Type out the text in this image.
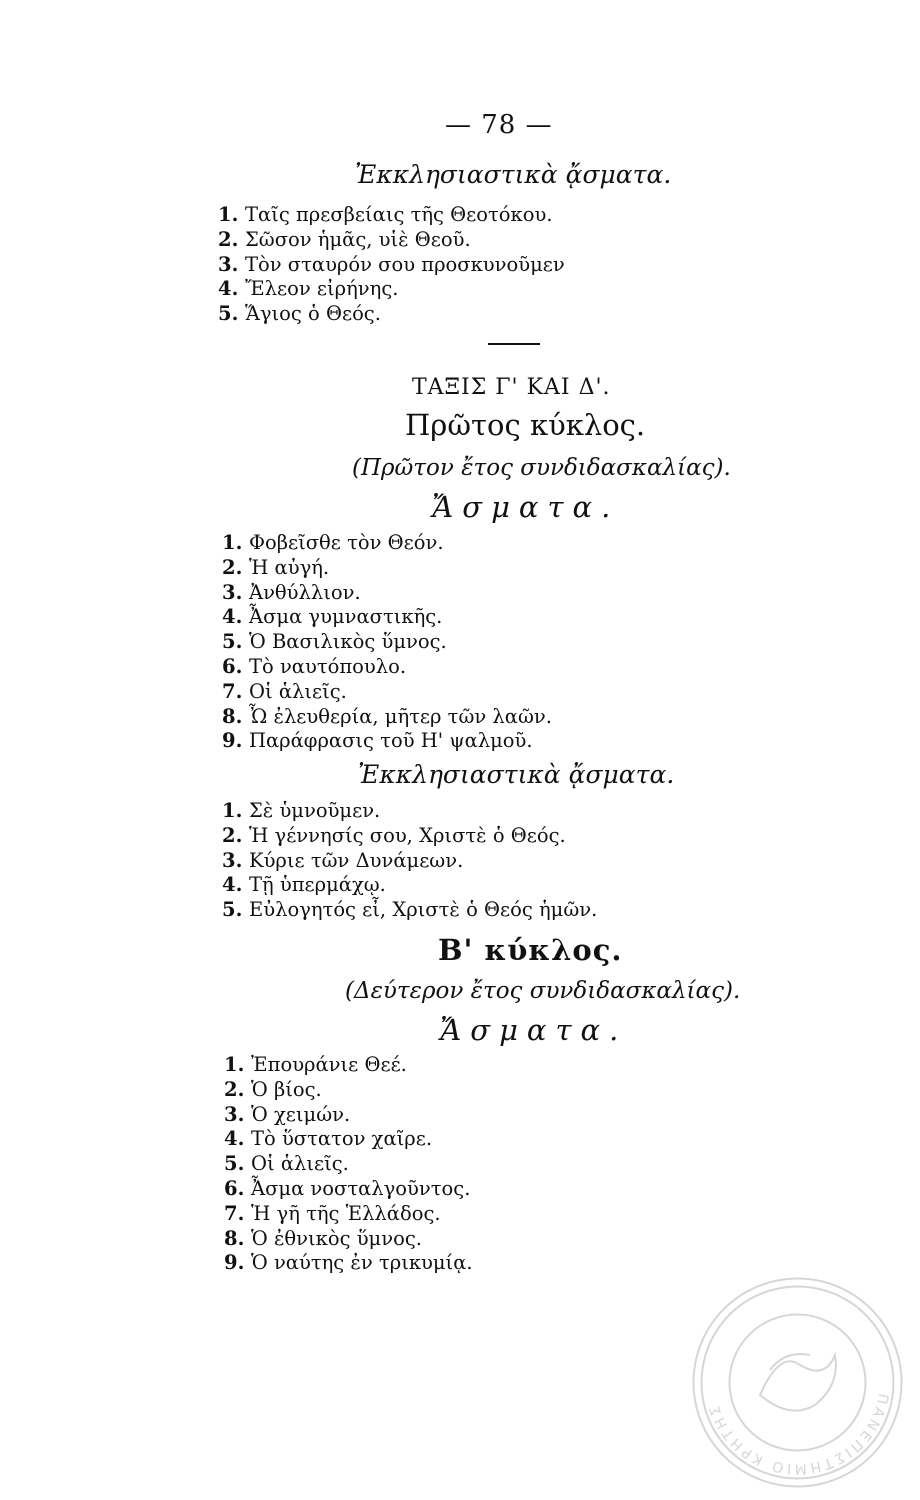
— 78 —
Ἐκκλησιαστικὰ ᾄσματα.
1. Ταῖς πρεσβείαις τῆς Θεοτόκου.
2. Σῶσον ἡμᾶς, υἱὲ Θεοῦ.
3. Τὸν σταυρόν σου προσκυνοῦμεν
4. Ἔλεον εἰρήνης.
5. Ἅγιος ὁ Θεός.
ΤΑΞΙΣ Γ' ΚΑΙ Δ'.
Πρῶτος κύκλος.
(Πρῶτον ἔτος συνδιδασκαλίας).
Ἄσματα.
1. Φοβεῖσθε τὸν Θεόν.
2. Ἡ αὐγή.
3. Ἀνθύλλιον.
4. Ἆσμα γυμναστικῆς.
5. Ὁ Βασιλικὸς ὕμνος.
6. Τὸ ναυτόπουλο.
7. Οἱ ἁλιεῖς.
8. Ὦ ἐλευθερία, μῆτερ τῶν λαῶν.
9. Παράφρασις τοῦ Η' ψαλμοῦ.
Ἐκκλησιαστικὰ ᾄσματα.
1. Σὲ ὑμνοῦμεν.
2. Ἡ γέννησίς σου, Χριστὲ ὁ Θεός.
3. Κύριε τῶν Δυνάμεων.
4. Τῇ ὑπερμάχῳ.
5. Εὐλογητός εἶ, Χριστὲ ὁ Θεός ἡμῶν.
Β' κύκλος.
(Δεύτερον ἔτος συνδιδασκαλίας).
Ἄσματα.
1. Ἐπουράνιε Θεέ.
2. Ὁ βίος.
3. Ὁ χειμών.
4. Τὸ ὕστατον χαῖρε.
5. Οἱ ἁλιεῖς.
6. Ἆσμα νοσταλγοῦντος.
7. Ἡ γῆ τῆς Ἑλλάδος.
8. Ὁ ἐθνικὸς ὕμνος.
9. Ὁ ναύτης ἐν τρικυμίᾳ.
ΠΑΝΕΠΙΣΤΗΜΙΟ ΚΡΗΤΗΣ
